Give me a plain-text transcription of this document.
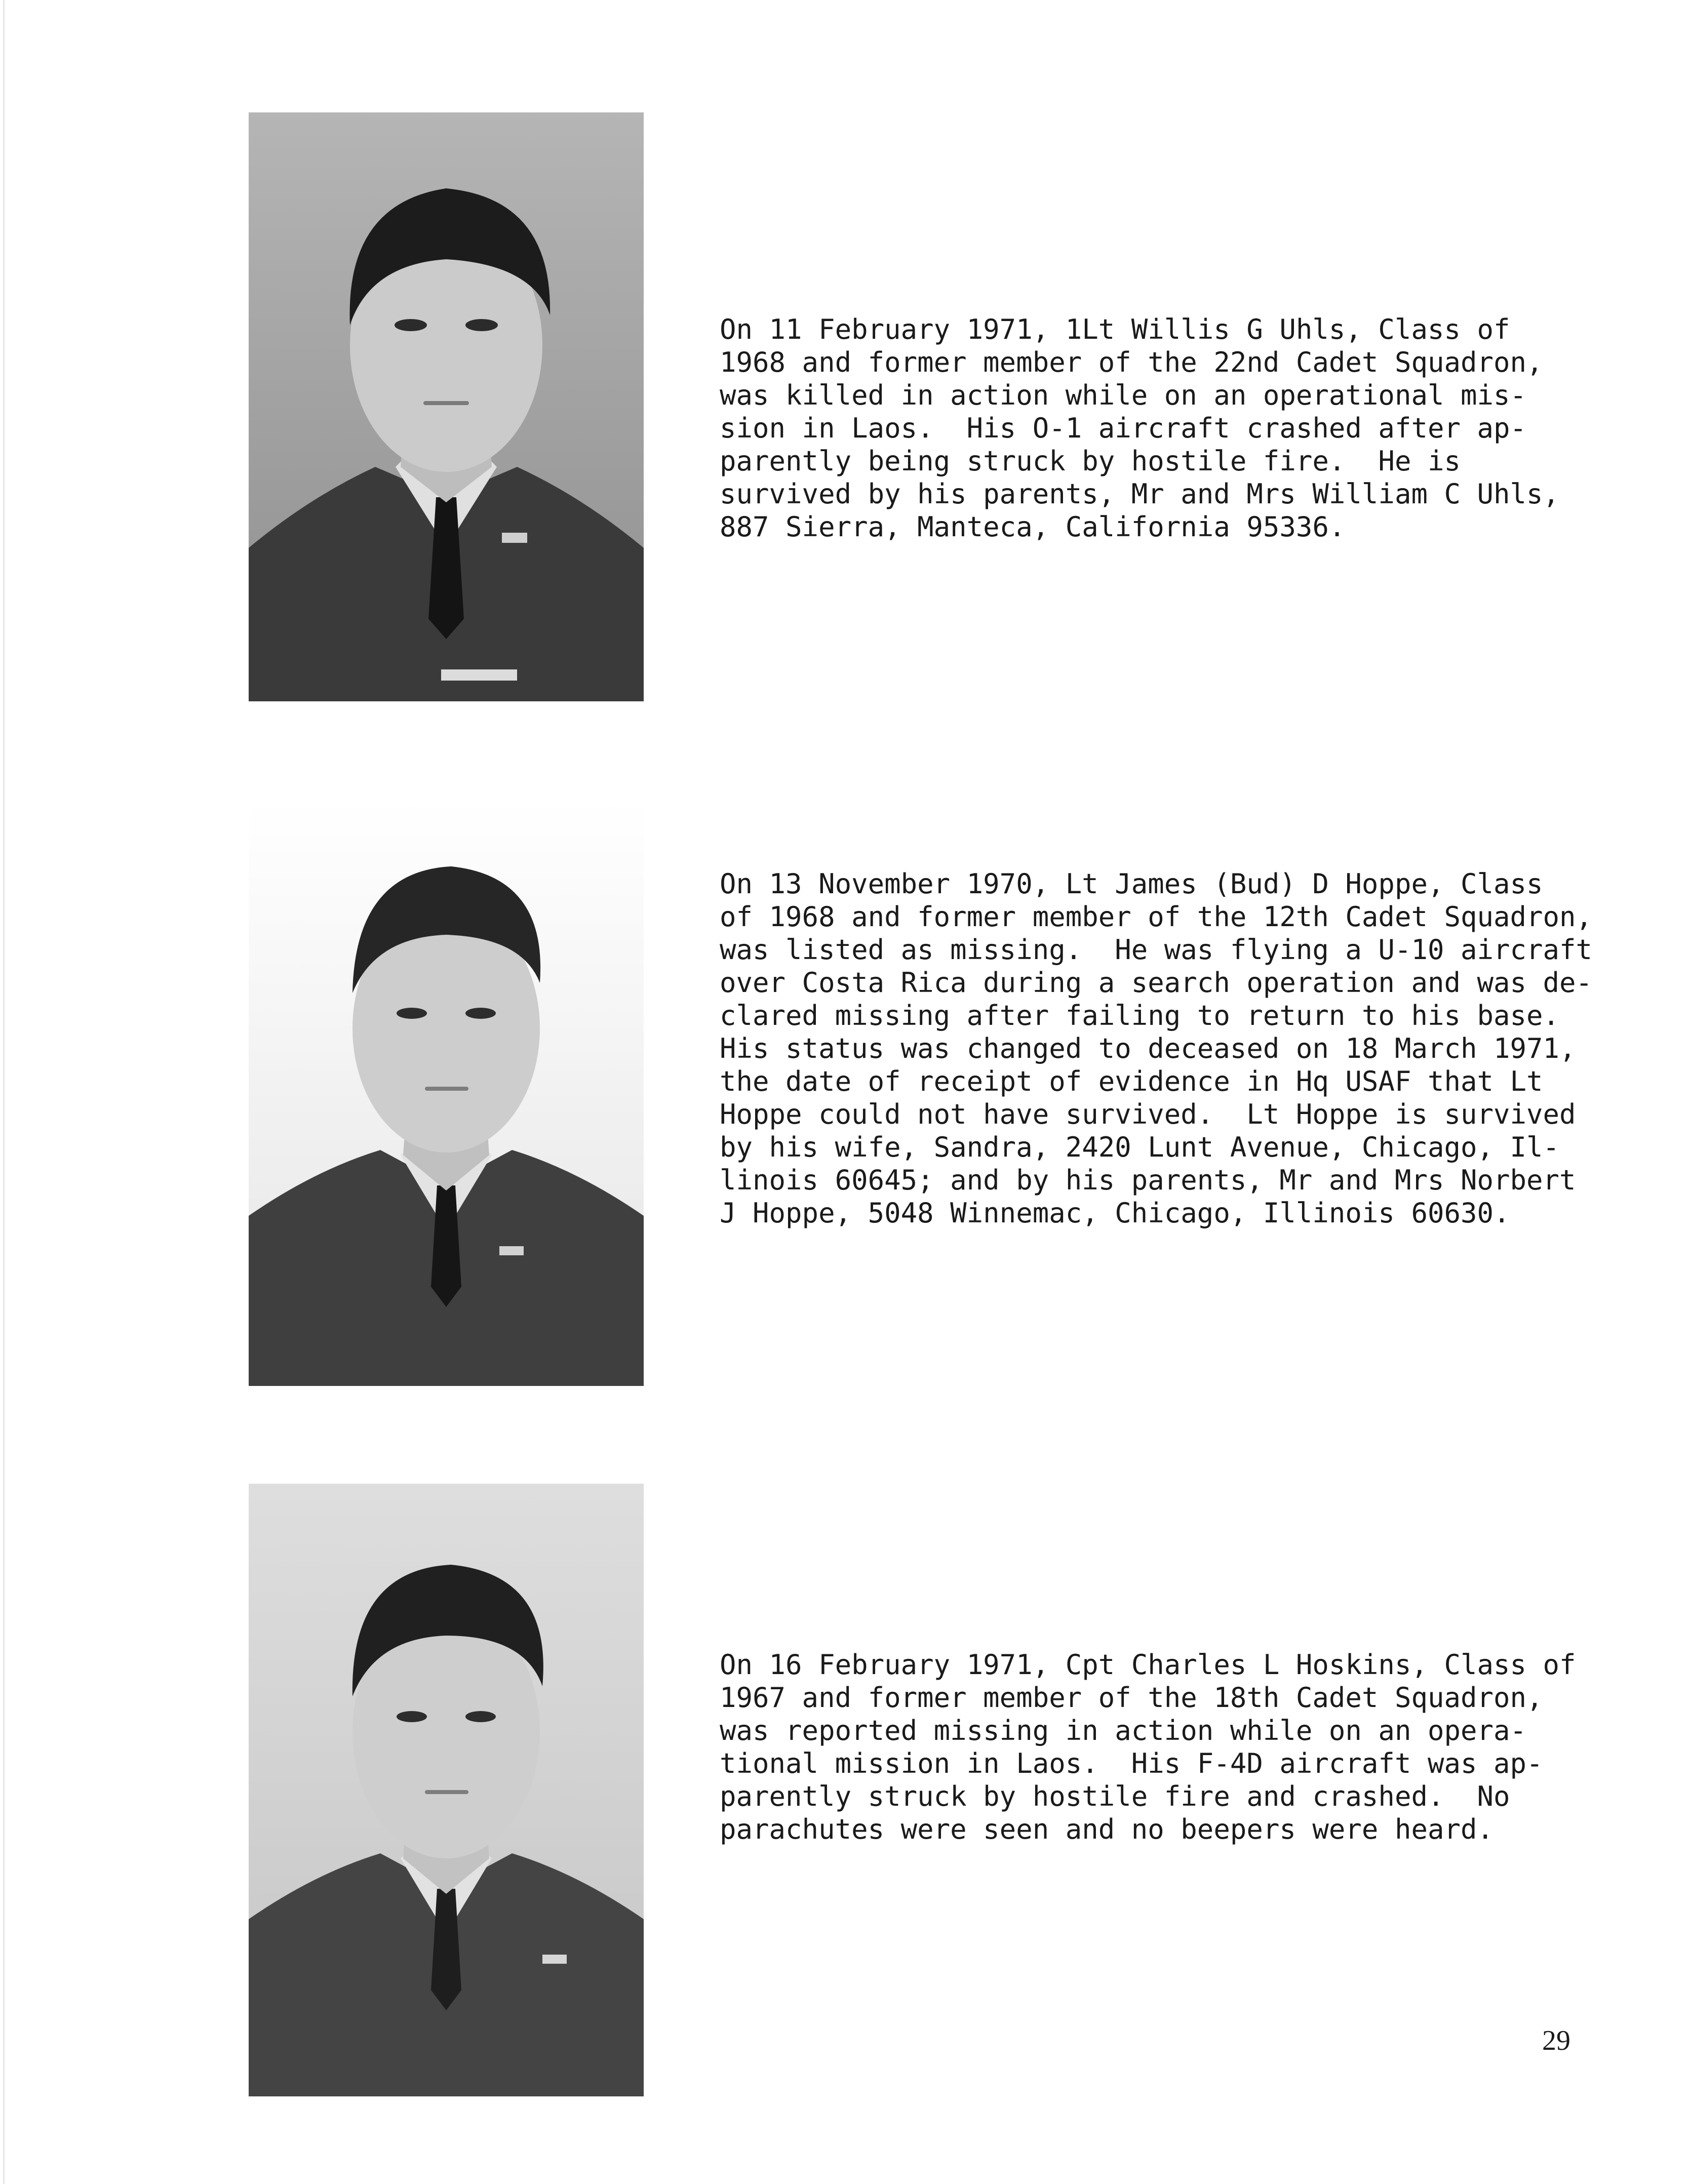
On 11 February 1971, 1Lt Willis G Uhls, Class of
1968 and former member of the 22nd Cadet Squadron,
was killed in action while on an operational mis-
sion in Laos.  His O-1 aircraft crashed after ap-
parently being struck by hostile fire.  He is
survived by his parents, Mr and Mrs William C Uhls,
887 Sierra, Manteca, California 95336.
On 13 November 1970, Lt James (Bud) D Hoppe, Class
of 1968 and former member of the 12th Cadet Squadron,
was listed as missing.  He was flying a U-10 aircraft
over Costa Rica during a search operation and was de-
clared missing after failing to return to his base.
His status was changed to deceased on 18 March 1971,
the date of receipt of evidence in Hq USAF that Lt
Hoppe could not have survived.  Lt Hoppe is survived
by his wife, Sandra, 2420 Lunt Avenue, Chicago, Il-
linois 60645; and by his parents, Mr and Mrs Norbert
J Hoppe, 5048 Winnemac, Chicago, Illinois 60630.
On 16 February 1971, Cpt Charles L Hoskins, Class of
1967 and former member of the 18th Cadet Squadron,
was reported missing in action while on an opera-
tional mission in Laos.  His F-4D aircraft was ap-
parently struck by hostile fire and crashed.  No
parachutes were seen and no beepers were heard.
29
